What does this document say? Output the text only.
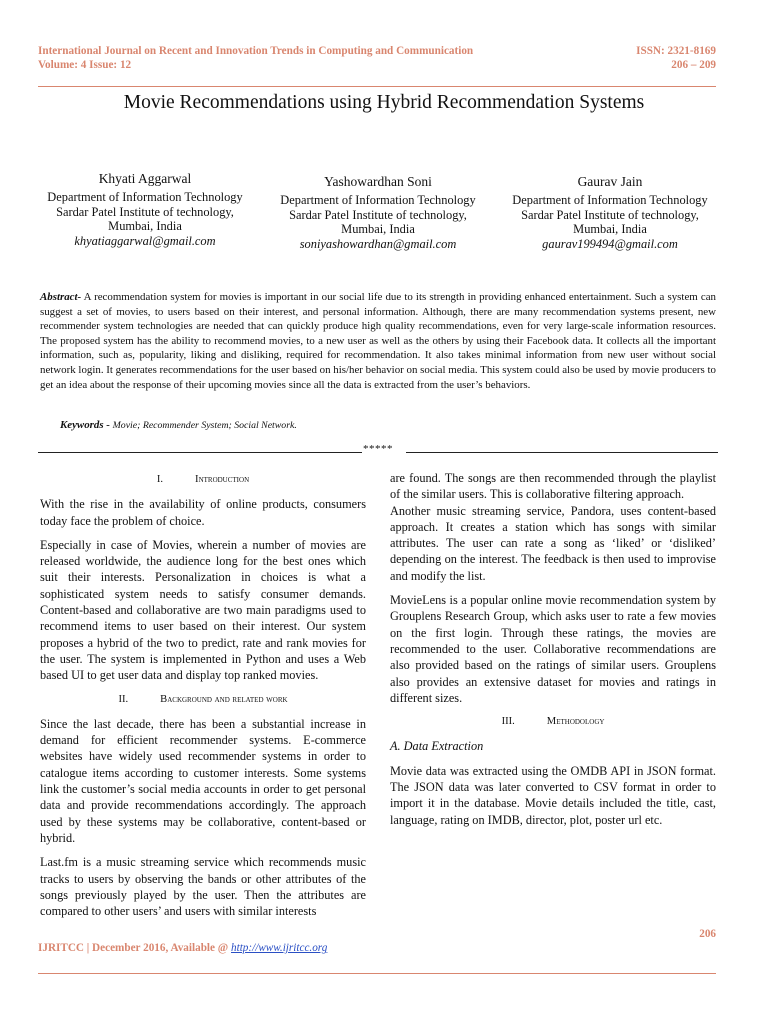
International Journal on Recent and Innovation Trends in Computing and Communication
Volume: 4 Issue: 12
ISSN: 2321-8169
206 – 209
Movie Recommendations using Hybrid Recommendation Systems
Khyati Aggarwal
Department of Information Technology
Sardar Patel Institute of technology,
Mumbai, India
khyatiaggarwal@gmail.com
Yashowardhan Soni
Department of Information Technology
Sardar Patel Institute of technology,
Mumbai, India
soniyashowardhan@gmail.com
Gaurav Jain
Department of Information Technology
Sardar Patel Institute of technology,
Mumbai, India
gaurav199494@gmail.com
Abstract- A recommendation system for movies is important in our social life due to its strength in providing enhanced entertainment. Such a system can suggest a set of movies, to users based on their interest, and personal information. Although, there are many recommendation systems present, new recommender system technologies are needed that can quickly produce high quality recommendations, even for very large-scale information resources. The proposed system has the ability to recommend movies, to a new user as well as the others by using their Facebook data. It collects all the important information, such as, popularity, liking and disliking, required for recommendation. It also takes minimal information from new user without social network login. It generates recommendations for the user based on his/her behavior on social media. This system could also be used by movie producers to get an idea about the response of their upcoming movies since all the data is extracted from the user’s behaviors.
Keywords - Movie; Recommender System; Social Network.
*****
I.	Introduction

With the rise in the availability of online products, consumers today face the problem of choice.

Especially in case of Movies, wherein a number of movies are released worldwide, the audience long for the best ones which suit their interests. Personalization in choices is what a sophisticated system needs to satisfy consumer demands. Content-based and collaborative are two main paradigms used to recommend items to user based on their interest. Our system proposes a hybrid of the two to predict, rate and rank movies for the user. The system is implemented in Python and uses a Web based UI to get user data and display top ranked movies.

II.	Background and related work

Since the last decade, there has been a substantial increase in demand for efficient recommender systems. E-commerce websites have widely used recommender systems in order to catalogue items according to customer interests. Some systems link the customer’s social media accounts in order to get personal data and provide recommendations accordingly. The approach used by these systems may be collaborative, content-based or hybrid.

Last.fm is a music streaming service which recommends music tracks to users by observing the bands or other attributes of the songs previously played by the user. Then the attributes are compared to other users’ and users with similar interests

are found. The songs are then recommended through the playlist of the similar users. This is collaborative filtering approach.

Another music streaming service, Pandora, uses content-based approach. It creates a station which has songs with similar attributes. The user can rate a song as ‘liked’ or ‘disliked’ depending on the interest. The feedback is then used to improvise and modify the list.

MovieLens is a popular online movie recommendation system by Grouplens Research Group, which asks user to rate a few movies on the first login. Through these ratings, the movies are recommended to the user. Collaborative recommendations are also provided based on the ratings of similar users. Grouplens also provides an extensive dataset for movies and ratings in different sizes.

III.	Methodology
A. Data Extraction

Movie data was extracted using the OMDB API in JSON format. The JSON data was later converted to CSV format in order to import it in the database. Movie details included the title, cast, language, rating on IMDB, director, plot, poster url etc.

206
IJRITCC | December 2016, Available @ http://www.ijritcc.org
